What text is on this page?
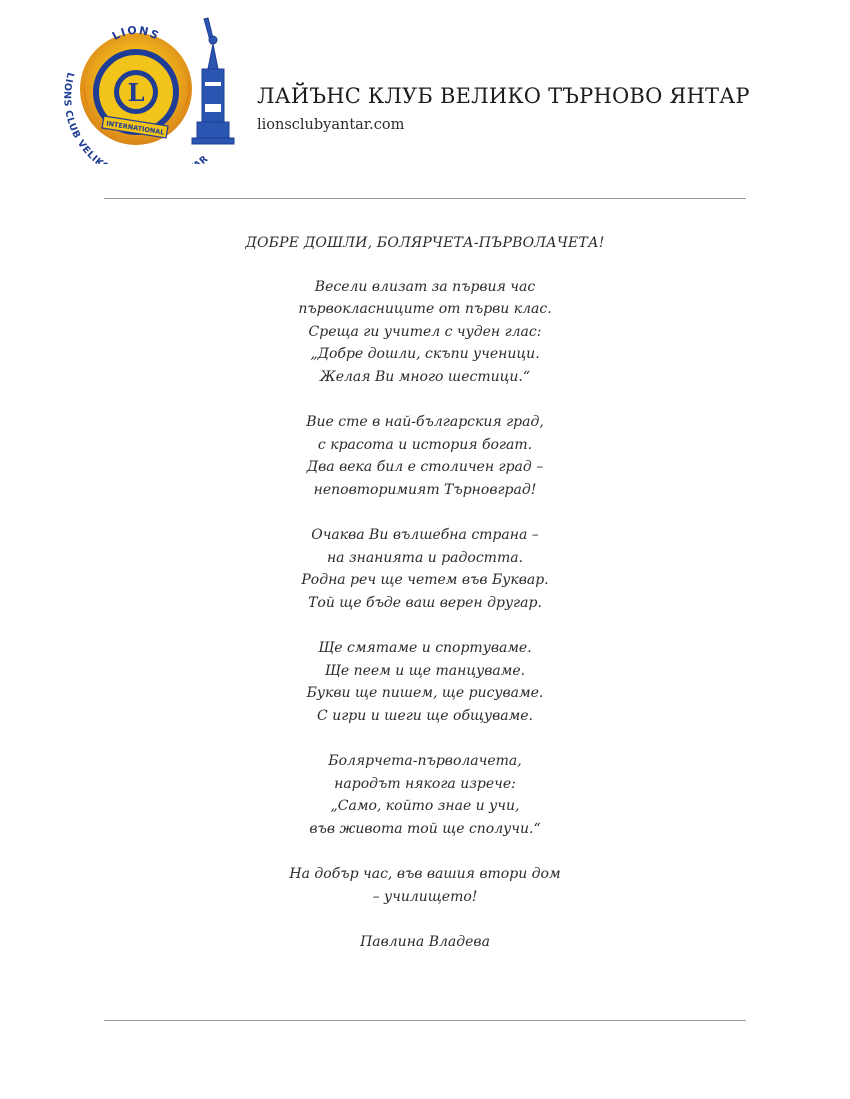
L
LIONS
INTERNATIONAL
LIONS CLUB VELIK R
ЛАЙЪНС КЛУБ ВЕЛИКО ТЪРНОВО ЯНТАР
lionsclubyantar.com
ДОБРЕ ДОШЛИ, БОЛЯРЧЕТА-ПЪРВОЛАЧЕТА!
Весели влизат за първия час
първокласниците от първи клас.
Среща ги учител с чуден глас:
„Добре дошли, скъпи ученици.
Желая Ви много шестици.“
Вие сте в най-българския град,
с красота и история богат.
Два века бил е столичен град –
неповторимият Търновград!
Очаква Ви вълшебна страна –
на знанията и радостта.
Родна реч ще четем във Буквар.
Той ще бъде ваш верен другар.
Ще смятаме и спортуваме.
Ще пеем и ще танцуваме.
Букви ще пишем, ще рисуваме.
С игри и шеги ще общуваме.
Болярчета-първолачета,
народът някога изрече:
„Само, който знае и учи,
във живота той ще сполучи.“
На добър час, във вашия втори дом
– училището!
Павлина Владева
